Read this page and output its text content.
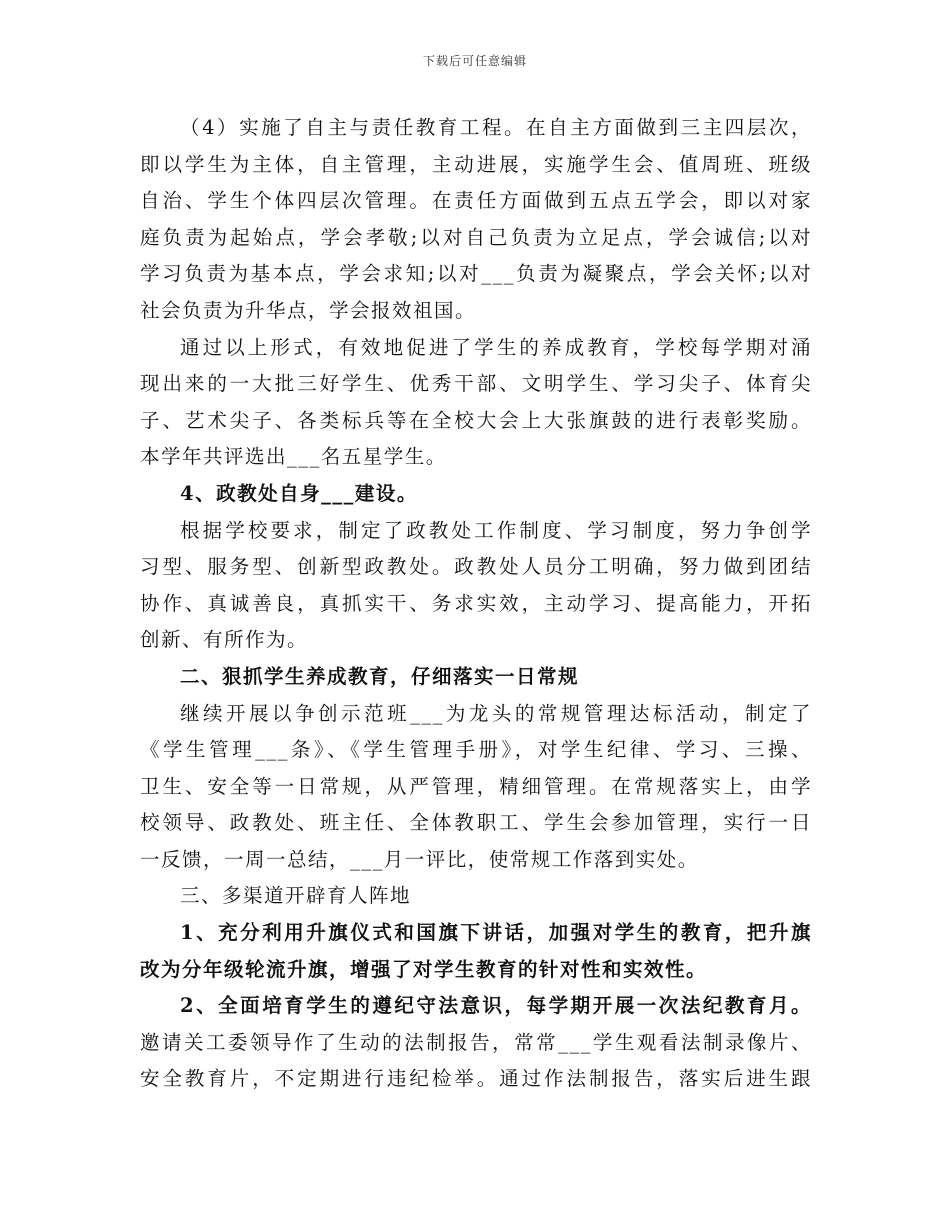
下载后可任意编辑
（4）实施了自主与责任教育工程。在自主方面做到三主四层次，
即以学生为主体，自主管理，主动进展，实施学生会、值周班、班级
自治、学生个体四层次管理。在责任方面做到五点五学会，即以对家
庭负责为起始点，学会孝敬;以对自己负责为立足点，学会诚信;以对
学习负责为基本点，学会求知;以对___负责为凝聚点，学会关怀;以对
社会负责为升华点，学会报效祖国。
通过以上形式，有效地促进了学生的养成教育，学校每学期对涌
现出来的一大批三好学生、优秀干部、文明学生、学习尖子、体育尖
子、艺术尖子、各类标兵等在全校大会上大张旗鼓的进行表彰奖励。
本学年共评选出___名五星学生。
4、政教处自身___建设。
根据学校要求，制定了政教处工作制度、学习制度，努力争创学
习型、服务型、创新型政教处。政教处人员分工明确，努力做到团结
协作、真诚善良，真抓实干、务求实效，主动学习、提高能力，开拓
创新、有所作为。
二、狠抓学生养成教育，仔细落实一日常规
继续开展以争创示范班___为龙头的常规管理达标活动，制定了
《学生管理___条》、《学生管理手册》，对学生纪律、学习、三操、
卫生、安全等一日常规，从严管理，精细管理。在常规落实上，由学
校领导、政教处、班主任、全体教职工、学生会参加管理，实行一日
一反馈，一周一总结，___月一评比，使常规工作落到实处。
三、多渠道开辟育人阵地
1、充分利用升旗仪式和国旗下讲话，加强对学生的教育，把升旗
改为分年级轮流升旗，增强了对学生教育的针对性和实效性。
2、全面培育学生的遵纪守法意识，每学期开展一次法纪教育月。
邀请关工委领导作了生动的法制报告，常常___学生观看法制录像片、
安全教育片，不定期进行违纪检举。通过作法制报告，落实后进生跟
